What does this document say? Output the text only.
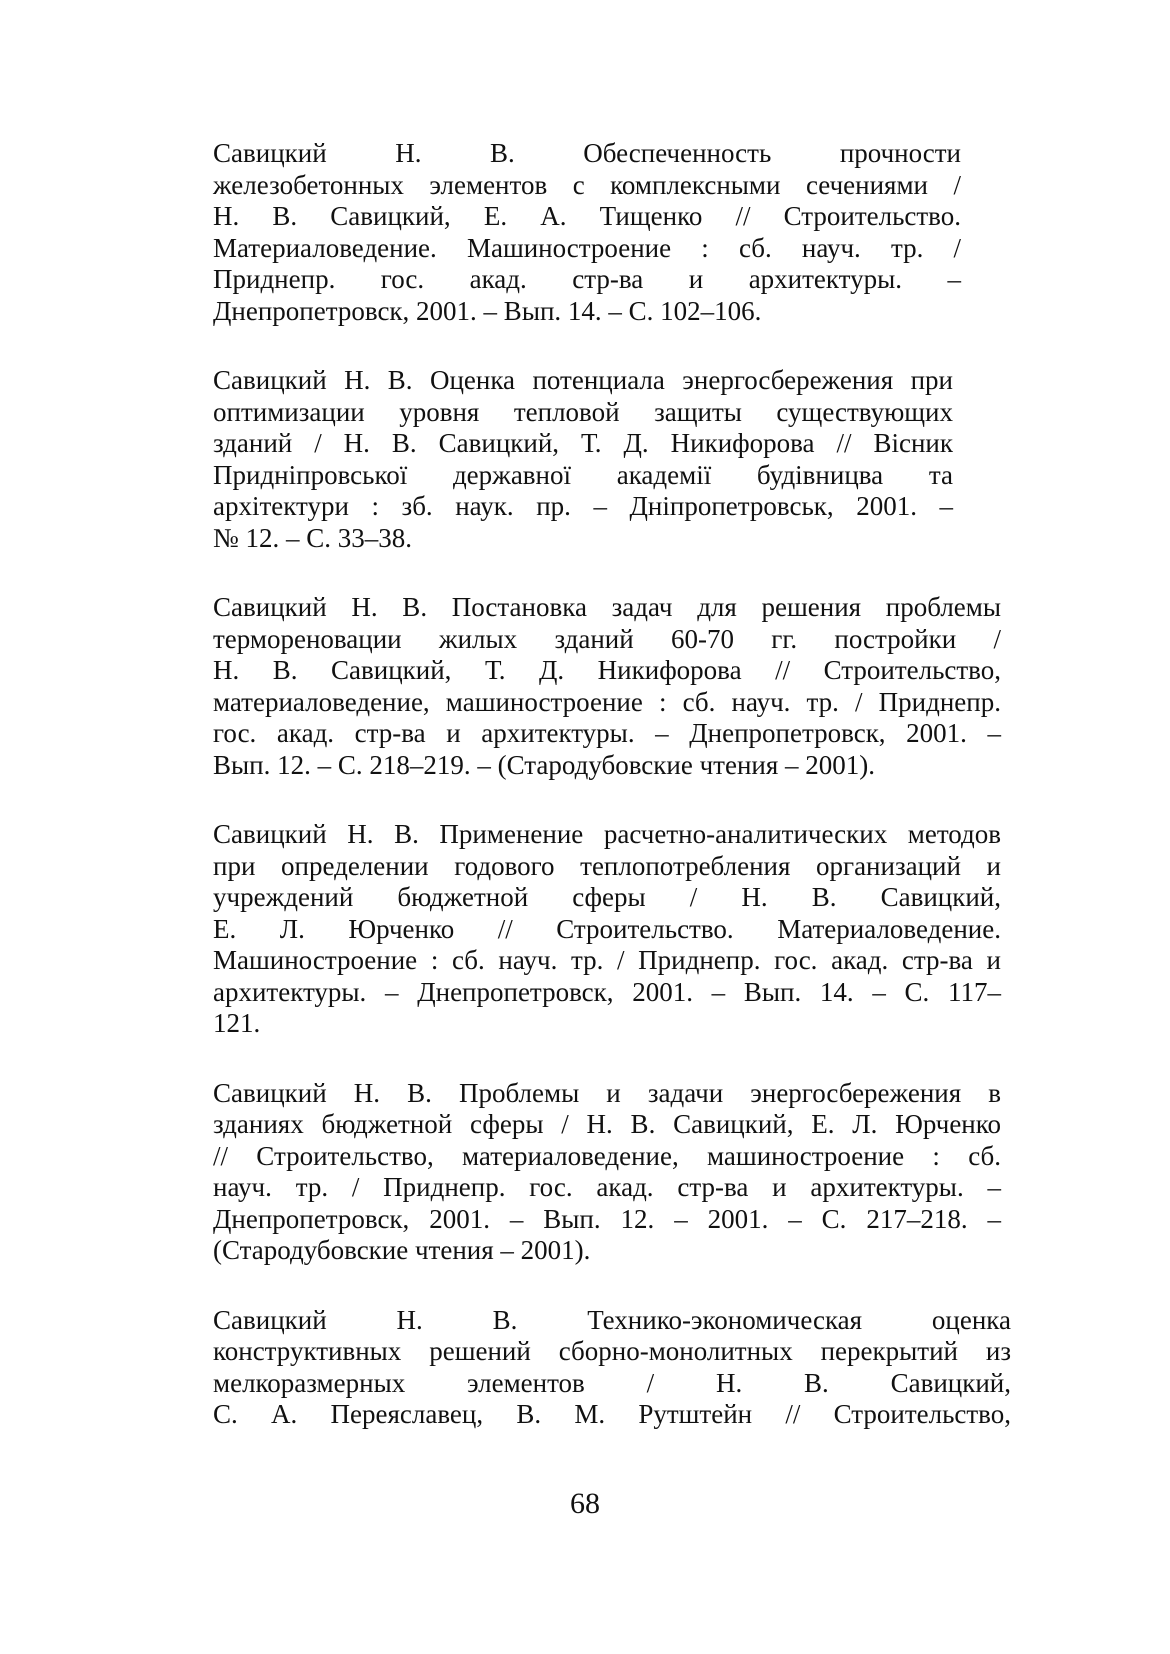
Савицкий Н. В. Обеспеченность прочности
железобетонных элементов с комплексными сечениями /
Н. В. Савицкий, Е. А. Тищенко // Строительство.
Материаловедение. Машиностроение : сб. науч. тр. /
Приднепр. гос. акад. стр-ва и архитектуры. –
Днепропетровск, 2001. – Вып. 14. – С. 102–106.

Савицкий Н. В. Оценка потенциала энергосбережения при
оптимизации уровня тепловой защиты существующих
зданий / Н. В. Савицкий, Т. Д. Никифорова // Вісник
Придніпровської державної академії будівницва та
архітектури : зб. наук. пр. – Дніпропетровськ, 2001. –
№ 12. – С. 33–38.

Савицкий Н. В. Постановка задач для решения проблемы
термореновации жилых зданий 60-70 гг. постройки /
Н. В. Савицкий, Т. Д. Никифорова // Строительство,
материаловедение, машиностроение : сб. науч. тр. / Приднепр.
гос. акад. стр-ва и архитектуры. – Днепропетровск, 2001. –
Вып. 12. – С. 218–219. – (Стародубовские чтения – 2001).

Савицкий Н. В. Применение расчетно-аналитических методов
при определении годового теплопотребления организаций и
учреждений бюджетной сферы / Н. В. Савицкий,
Е. Л. Юрченко // Строительство. Материаловедение.
Машиностроение : сб. науч. тр. / Приднепр. гос. акад. стр-ва и
архитектуры. – Днепропетровск, 2001. – Вып. 14. – С. 117–
121.

Савицкий Н. В. Проблемы и задачи энергосбережения в
зданиях бюджетной сферы / Н. В. Савицкий, Е. Л. Юрченко
// Строительство, материаловедение, машиностроение : сб.
науч. тр. / Приднепр. гос. акад. стр-ва и архитектуры. –
Днепропетровск, 2001. – Вып. 12. – 2001. – С. 217–218. –
(Стародубовские чтения – 2001).

Савицкий Н. В. Технико-экономическая оценка
конструктивных решений сборно-монолитных перекрытий из
мелкоразмерных элементов / Н. В. Савицкий,
С. А. Переяславец, В. М. Рутштейн // Строительство,

68
